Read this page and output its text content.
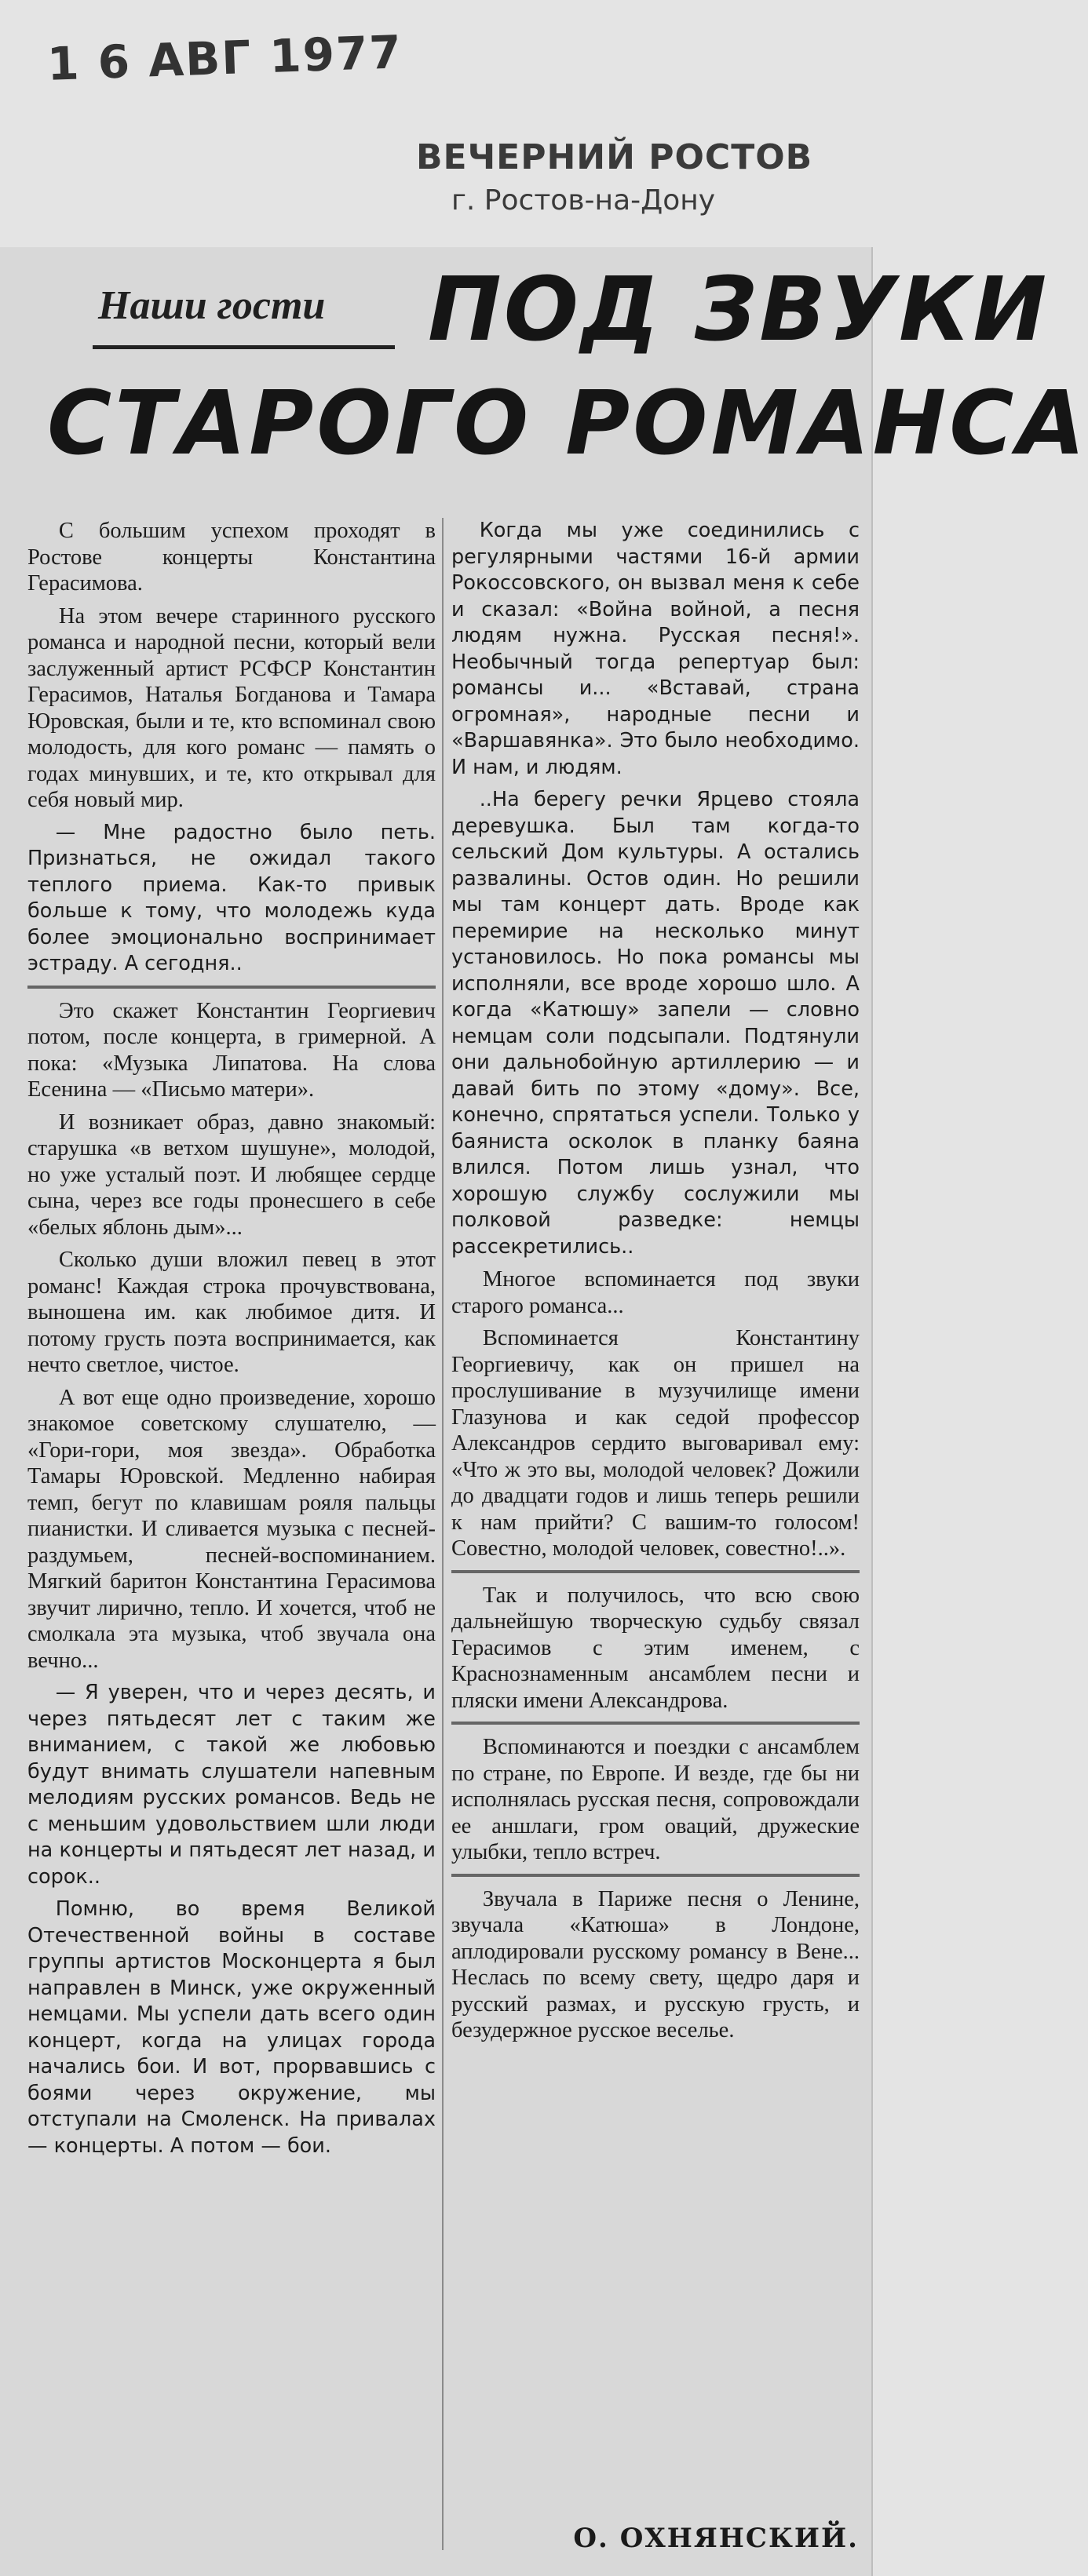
1 6 АВГ 1977
ВЕЧЕРНИЙ РОСТОВ
г. Ростов-на-Дону
Наши гости ПОД ЗВУКИ
СТАРОГО РОМАНСА

С большим успехом проходят в Ростове концерты Константина Герасимова.

На этом вечере старинного русского романса и народной песни, который вели заслуженный артист РСФСР Константин Герасимов, Наталья Богданова и Тамара Юровская, были и те, кто вспоминал свою молодость, для кого романс — память о годах минувших, и те, кто открывал для себя новый мир.

— Мне радостно было петь. Признаться, не ожидал такого теплого приема. Как-то привык больше к тому, что молодежь куда более эмоционально воспринимает эстраду. А сегодня..

Это скажет Константин Георгиевич потом, после концерта, в гримерной. А пока: «Музыка Липатова. На слова Есенина — «Письмо матери».

И возникает образ, давно знакомый: старушка «в ветхом шушуне», молодой, но уже усталый поэт. И любящее сердце сына, через все годы пронесшего в себе «белых яблонь дым»...

Сколько души вложил певец в этот романс! Каждая строка прочувствована, выношена им. как любимое дитя. И потому грусть поэта воспринимается, как нечто светлое, чистое.

А вот еще одно произведение, хорошо знакомое советскому слушателю, — «Гори-гори, моя звезда». Обработка Тамары Юровской. Медленно набирая темп, бегут по клавишам рояля пальцы пианистки. И сливается музыка с песней-раздумьем, песней-воспоминанием. Мягкий баритон Константина Герасимова звучит лирично, тепло. И хочется, чтоб не смолкала эта музыка, чтоб звучала она вечно...

— Я уверен, что и через десять, и через пятьдесят лет с таким же вниманием, с такой же любовью будут внимать слушатели напевным мелодиям русских романсов. Ведь не с меньшим удовольствием шли люди на концерты и пятьдесят лет назад, и сорок..

Помню, во время Великой Отечественной войны в составе группы артистов Москонцерта я был направлен в Минск, уже окруженный немцами. Мы успели дать всего один концерт, когда на улицах города начались бои. И вот, прорвавшись с боями через окружение, мы отступали на Смоленск. На привалах — концерты. А потом — бои.

Когда мы уже соединились с регулярными частями 16-й армии Рокоссовского, он вызвал меня к себе и сказал: «Война войной, а песня людям нужна. Русская песня!». Необычный тогда репертуар был: романсы и... «Вставай, страна огромная», народные песни и «Варшавянка». Это было необходимо. И нам, и людям.

..На берегу речки Ярцево стояла деревушка. Был там когда-то сельский Дом культуры. А остались развалины. Остов один. Но решили мы там концерт дать. Вроде как перемирие на несколько минут установилось. Но пока романсы мы исполняли, все вроде хорошо шло. А когда «Катюшу» запели — словно немцам соли подсыпали. Подтянули они дальнобойную артиллерию — и давай бить по этому «дому». Все, конечно, спрятаться успели. Только у баяниста осколок в планку баяна влился. Потом лишь узнал, что хорошую службу сослужили мы полковой разведке: немцы рассекретились..

Многое вспоминается под звуки старого романса...

Вспоминается Константину Георгиевичу, как он пришел на прослушивание в музучилище имени Глазунова и как седой профессор Александров сердито выговаривал ему: «Что ж это вы, молодой человек? Дожили до двадцати годов и лишь теперь решили к нам прийти? С вашим-то голосом! Совестно, молодой человек, совестно!..».

Так и получилось, что всю свою дальнейшую творческую судьбу связал Герасимов с этим именем, с Краснознаменным ансамблем песни и пляски имени Александрова.

Вспоминаются и поездки с ансамблем по стране, по Европе. И везде, где бы ни исполнялась русская песня, сопровождали ее аншлаги, гром оваций, дружеские улыбки, тепло встреч.

Звучала в Париже песня о Ленине, звучала «Катюша» в Лондоне, аплодировали русскому романсу в Вене... Неслась по всему свету, щедро даря и русский размах, и русскую грусть, и безудержное русское веселье.

О. ОХНЯНСКИЙ.
